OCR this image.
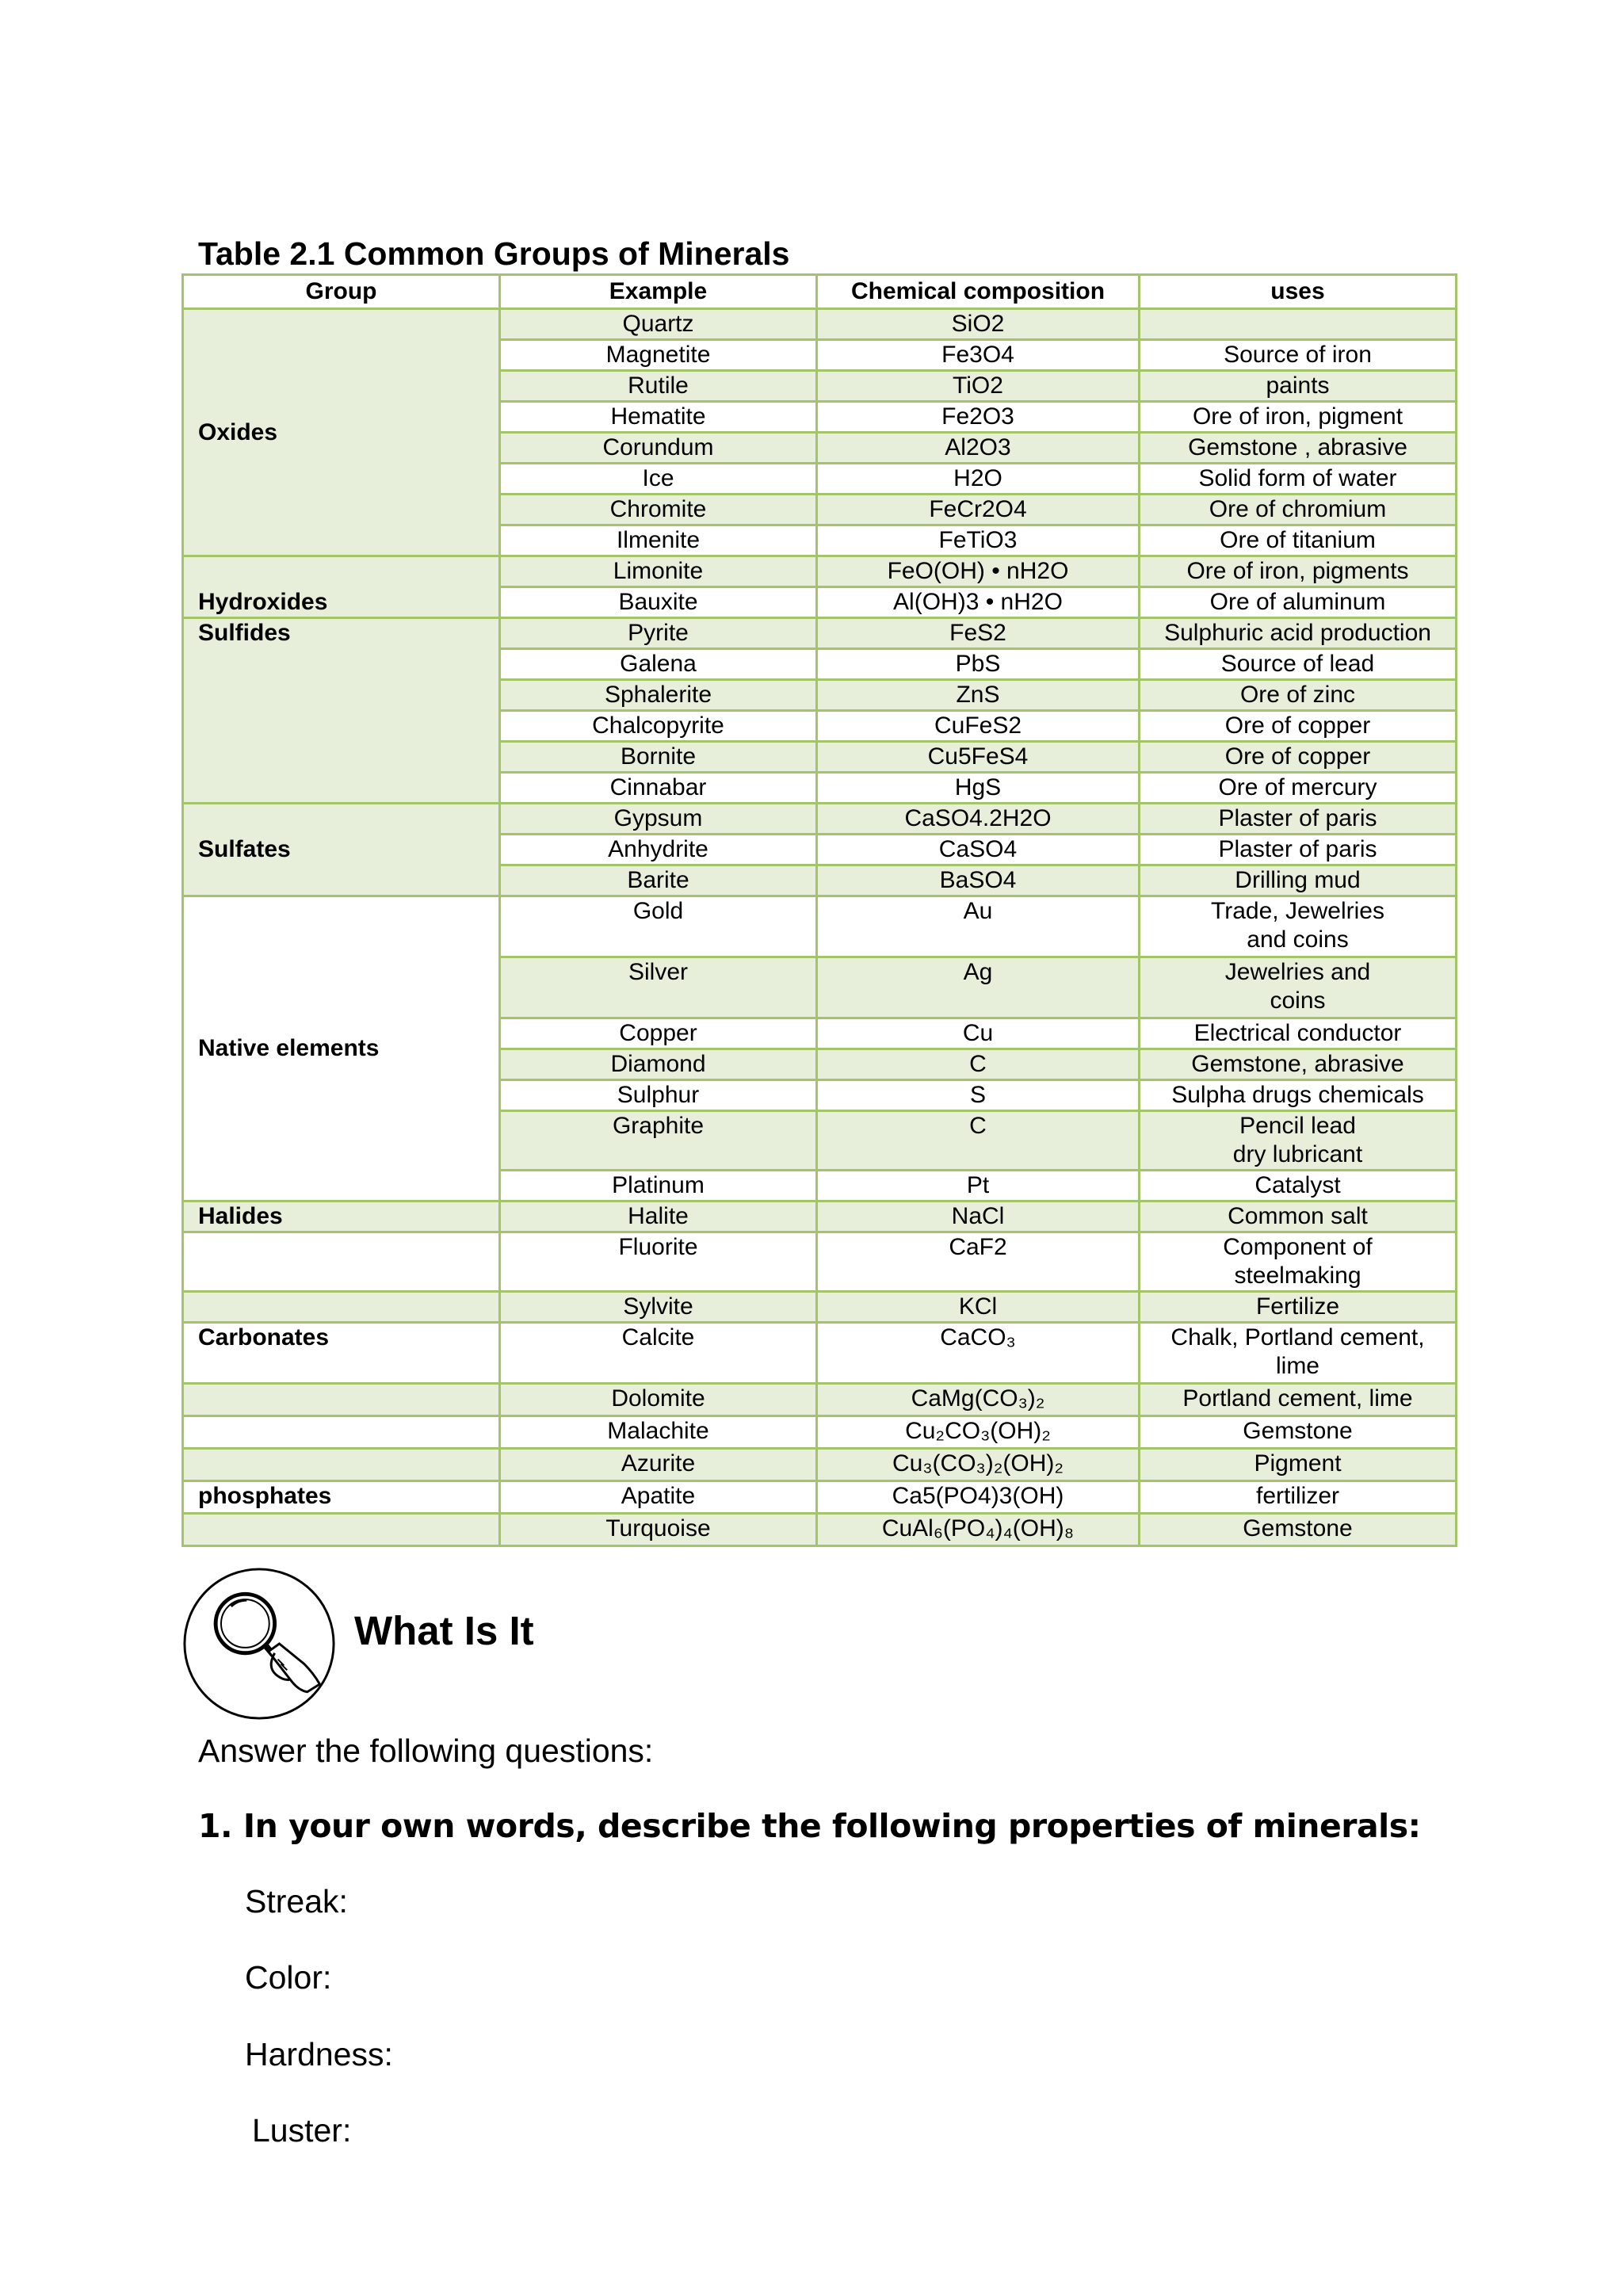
Table 2.1 Common Groups of Minerals
Group	Example	Chemical composition	uses
Oxides	Quartz	SiO2	
	Magnetite	Fe3O4	Source of iron
	Rutile	TiO2	paints
	Hematite	Fe2O3	Ore of iron, pigment
	Corundum	Al2O3	Gemstone , abrasive
	Ice	H2O	Solid form of water
	Chromite	FeCr2O4	Ore of chromium
	Ilmenite	FeTiO3	Ore of titanium
Hydroxides	Limonite	FeO(OH) • nH2O	Ore of iron, pigments
	Bauxite	Al(OH)3 • nH2O	Ore of aluminum
Sulfides	Pyrite	FeS2	Sulphuric acid production
	Galena	PbS	Source of lead
	Sphalerite	ZnS	Ore of zinc
	Chalcopyrite	CuFeS2	Ore of copper
	Bornite	Cu5FeS4	Ore of copper
	Cinnabar	HgS	Ore of mercury
Sulfates	Gypsum	CaSO4.2H2O	Plaster of paris
	Anhydrite	CaSO4	Plaster of paris
	Barite	BaSO4	Drilling mud
Native elements	Gold	Au	Trade, Jewelries
and coins
	Silver	Ag	Jewelries and
coins
	Copper	Cu	Electrical conductor
	Diamond	C	Gemstone, abrasive
	Sulphur	S	Sulpha drugs chemicals
	Graphite	C	Pencil lead
dry lubricant
	Platinum	Pt	Catalyst
Halides	Halite	NaCl	Common salt
	Fluorite	CaF2	Component of
steelmaking
	Sylvite	KCl	Fertilize
Carbonates	Calcite	CaCO₃	Chalk, Portland cement,
lime
	Dolomite	CaMg(CO₃)₂	Portland cement, lime
	Malachite	Cu₂CO₃(OH)₂	Gemstone
	Azurite	Cu₃(CO₃)₂(OH)₂	Pigment
phosphates	Apatite	Ca5(PO4)3(OH)	fertilizer
	Turquoise	CuAl₆(PO₄)₄(OH)₈	Gemstone
What Is It

Answer the following questions:

1. In your own words, describe the following properties of minerals:

Streak:

Color:

Hardness:

Luster:
